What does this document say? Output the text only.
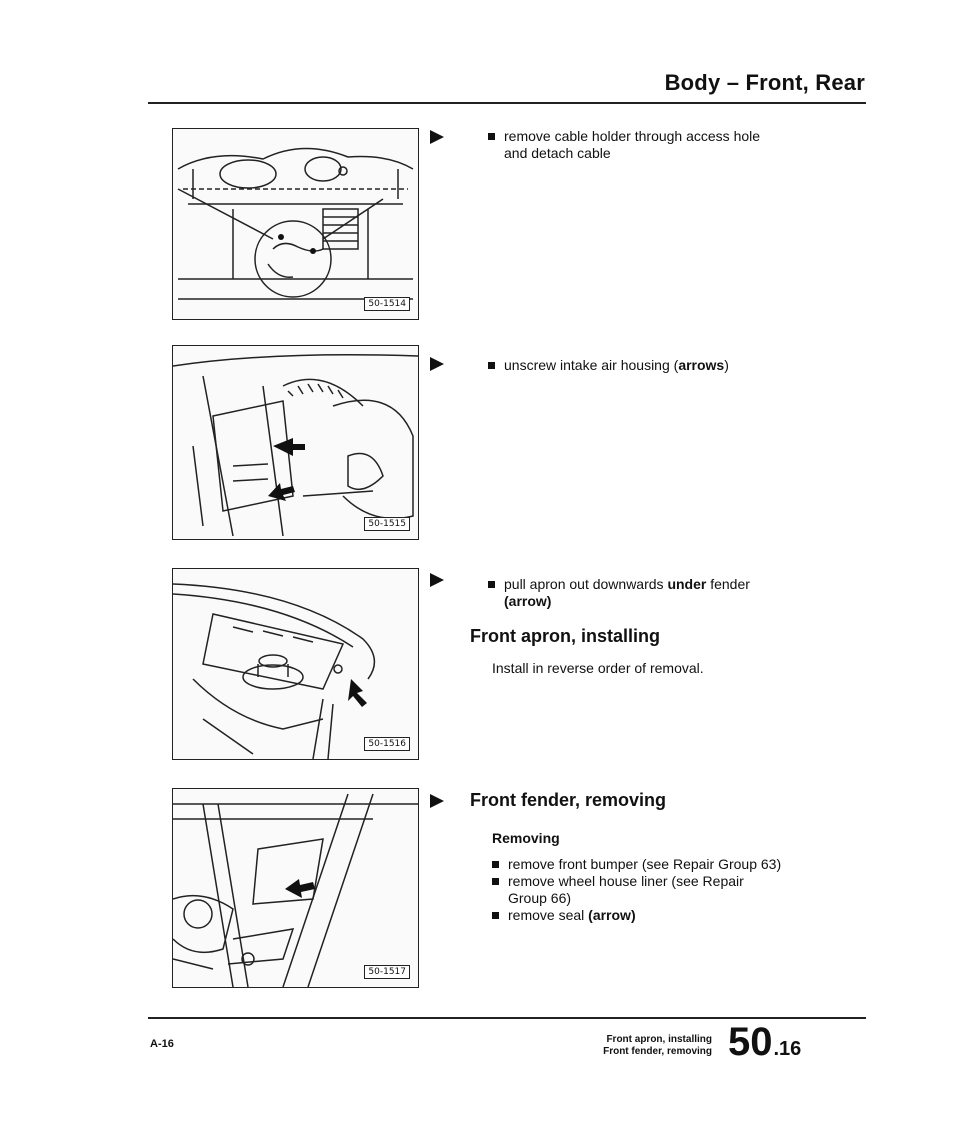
Body – Front, Rear
50-1514
50-1515
50-1516
50-1517
remove cable holder through access hole
and detach cable
unscrew intake air housing (arrows)
pull apron out downwards under fender
(arrow)
Front apron, installing
Install in reverse order of removal.
Front fender, removing
Removing
remove front bumper (see Repair Group 63)
remove wheel house liner (see Repair
Group 66)
remove seal (arrow)
A-16	Front apron, installing
Front fender, removing 50.16
